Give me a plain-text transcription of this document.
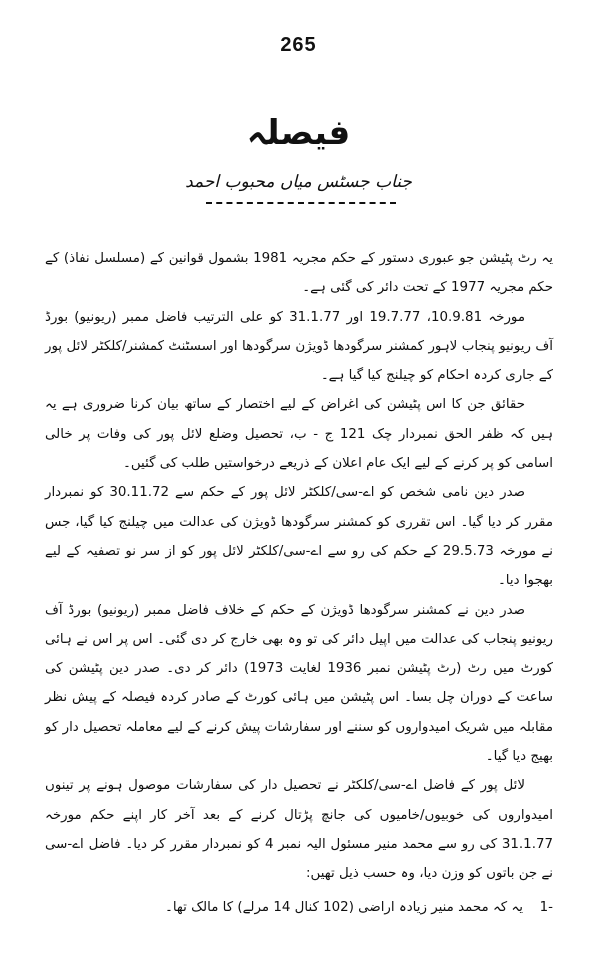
265
فیصلہ
جناب جسٹس میاں محبوب احمد

یہ رٹ پٹیشن جو عبوری دستور کے حکم مجریہ 1981 بشمول قوانین کے (مسلسل نفاذ) کے حکم مجریہ 1977 کے تحت دائر کی گئی ہے۔

مورخہ 10.9.81، 19.7.77 اور 31.1.77 کو علی الترتیب فاضل ممبر (ریونیو) بورڈ آف ریونیو پنجاب لاہور کمشنر سرگودھا ڈویژن سرگودھا اور اسسٹنٹ کمشنر/کلکٹر لائل پور کے جاری کردہ احکام کو چیلنج کیا گیا ہے۔

حقائق جن کا اس پٹیشن کی اغراض کے لیے اختصار کے ساتھ بیان کرنا ضروری ہے یہ ہیں کہ ظفر الحق نمبردار چک 121 ج - ب، تحصیل وضلع لائل پور کی وفات پر خالی اسامی کو پر کرنے کے لیے ایک عام اعلان کے ذریعے درخواستیں طلب کی گئیں۔

صدر دین نامی شخص کو اے-سی/کلکٹر لائل پور کے حکم سے 30.11.72 کو نمبردار مقرر کر دیا گیا۔ اس تقرری کو کمشنر سرگودھا ڈویژن کی عدالت میں چیلنج کیا گیا، جس نے مورخہ 29.5.73 کے حکم کی رو سے اے-سی/کلکٹر لائل پور کو از سر نو تصفیہ کے لیے بھجوا دیا۔

صدر دین نے کمشنر سرگودھا ڈویژن کے حکم کے خلاف فاضل ممبر (ریونیو) بورڈ آف ریونیو پنجاب کی عدالت میں اپیل دائر کی تو وہ بھی خارج کر دی گئی۔ اس پر اس نے ہائی کورٹ میں رٹ (رٹ پٹیشن نمبر 1936 لغایت 1973) دائر کر دی۔ صدر دین پٹیشن کی ساعت کے دوران چل بسا۔ اس پٹیشن میں ہائی کورٹ کے صادر کردہ فیصلہ کے پیش نظر مقابلہ میں شریک امیدواروں کو سننے اور سفارشات پیش کرنے کے لیے معاملہ تحصیل دار کو بھیج دیا گیا۔

لائل پور کے فاضل اے-سی/کلکٹر نے تحصیل دار کی سفارشات موصول ہونے پر تینوں امیدواروں کی خوبیوں/خامیوں کی جانچ پڑتال کرنے کے بعد آخر کار اپنے حکم مورخہ 31.1.77 کی رو سے محمد منیر مسئول الیہ نمبر 4 کو نمبردار مقرر کر دیا۔ فاضل اے-سی نے جن باتوں کو وزن دیا، وہ حسب ذیل تھیں:

-1
یہ کہ محمد منیر زیادہ اراضی (102 کنال 14 مرلے) کا مالک تھا۔
